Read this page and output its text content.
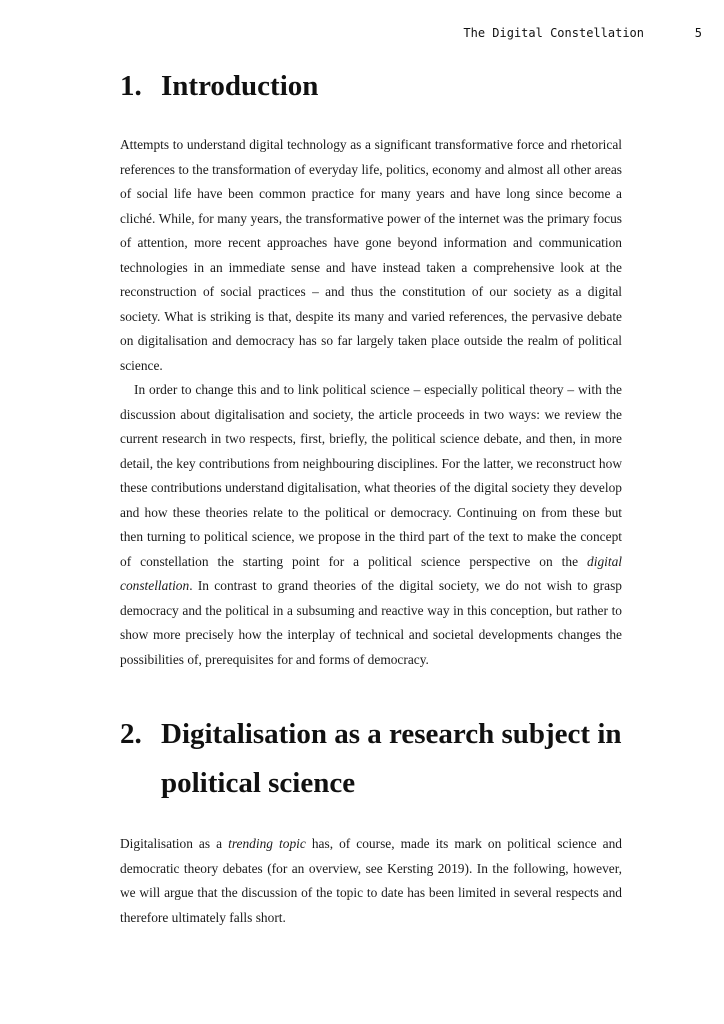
The Digital Constellation	5
1. Introduction

Attempts to understand digital technology as a significant transformative force and rhetorical references to the transformation of everyday life, politics, economy and almost all other areas of social life have been common practice for many years and have long since become a cliché. While, for many years, the transformative power of the internet was the primary focus of attention, more recent approaches have gone beyond information and communication technologies in an immediate sense and have instead taken a comprehensive look at the reconstruction of social practices – and thus the constitution of our society as a digital society. What is striking is that, despite its many and varied references, the pervasive debate on digitalisation and democracy has so far largely taken place outside the realm of political science.

In order to change this and to link political science – especially political theory – with the discussion about digitalisation and society, the article proceeds in two ways: we review the current research in two respects, first, briefly, the political science debate, and then, in more detail, the key contributions from neighbouring disciplines. For the latter, we reconstruct how these contributions understand digitalisation, what theories of the digital society they develop and how these theories relate to the political or democracy. Continuing on from these but then turning to political science, we propose in the third part of the text to make the concept of constellation the starting point for a political science perspective on the digital constellation. In contrast to grand theories of the digital society, we do not wish to grasp democracy and the political in a subsuming and reactive way in this conception, but rather to show more precisely how the interplay of technical and societal developments changes the possibilities of, prerequisites for and forms of democracy.

2. Digitalisation as a research subject in political science

Digitalisation as a trending topic has, of course, made its mark on political science and democratic theory debates (for an overview, see Kersting 2019). In the following, however, we will argue that the discussion of the topic to date has been limited in several respects and therefore ultimately falls short.
